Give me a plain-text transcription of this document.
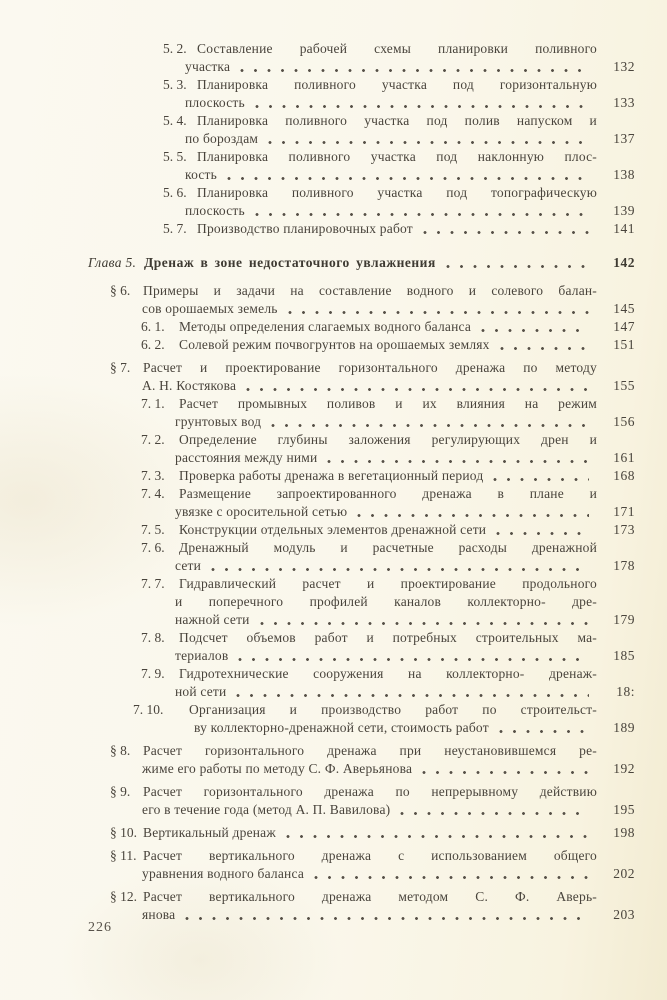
5. 2. Составление рабочей схемы планировки поливного
участка	132
5. 3. Планировка поливного участка под горизонтальную
плоскость	133
5. 4. Планировка поливного участка под полив напуском и
по бороздам	137
5. 5. Планировка поливного участка под наклонную плос-
кость	138
5. 6. Планировка поливного участка под топографическую
плоскость	139
5. 7. Производство планировочных работ	141
Глава 5. Дренаж в зоне недостаточного увлажнения	142
§ 6. Примеры и задачи на составление водного и солевого балан-
сов орошаемых земель	145
6. 1. Методы определения слагаемых водного баланса	147
6. 2. Солевой режим почвогрунтов на орошаемых землях	151
§ 7. Расчет и проектирование горизонтального дренажа по методу
А. Н. Костякова	155
7. 1. Расчет промывных поливов и их влияния на режим
грунтовых вод	156
7. 2. Определение глубины заложения регулирующих дрен и
расстояния между ними	161
7. 3. Проверка работы дренажа в вегетационный период	168
7. 4. Размещение запроектированного дренажа в плане и
увязке с оросительной сетью	171
7. 5. Конструкции отдельных элементов дренажной сети	173
7. 6. Дренажный модуль и расчетные расходы дренажной
сети	178
7. 7. Гидравлический расчет и проектирование продольного
и поперечного профилей каналов коллекторно- дре-
нажной сети	179
7. 8. Подсчет объемов работ и потребных строительных ма-
териалов	185
7. 9. Гидротехнические сооружения на коллекторно- дренаж-
ной сети	18:
7. 10. Организация и производство работ по строительст-
ву коллекторно-дренажной сети, стоимость работ	189
§ 8. Расчет горизонтального дренажа при неустановившемся ре-
жиме его работы по методу С. Ф. Аверьянова	192
§ 9. Расчет горизонтального дренажа по непрерывному действию
его в течение года (метод А. П. Вавилова)	195
§ 10. Вертикальный дренаж	198
§ 11. Расчет вертикального дренажа с использованием общего
уравнения водного баланса	202
§ 12. Расчет вертикального дренажа методом С. Ф. Аверь-
янова	203
226
